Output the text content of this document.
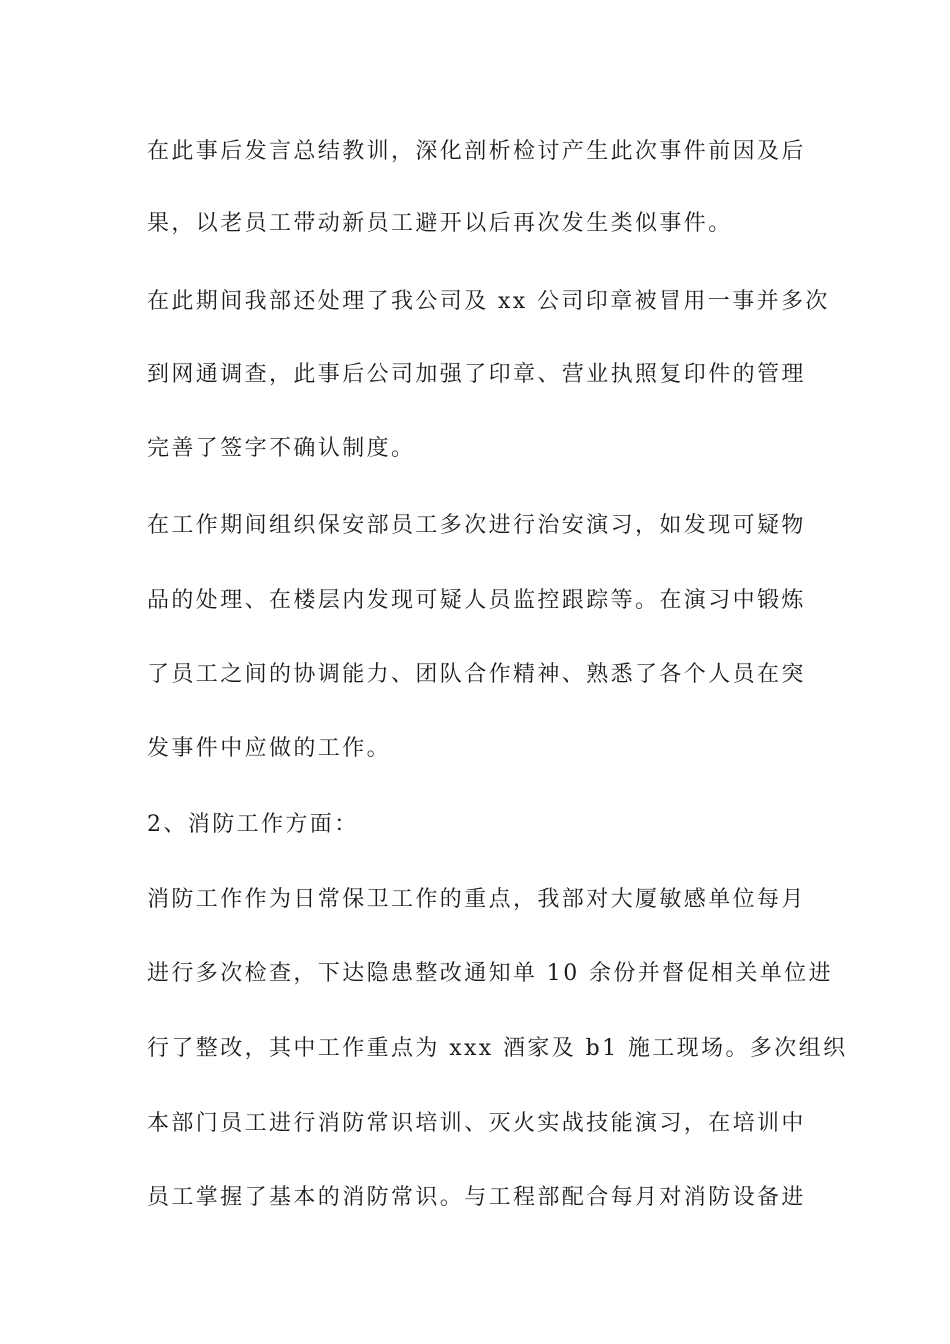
在此事后发言总结教训，深化剖析检讨产生此次事件前因及后
果，以老员工带动新员工避开以后再次发生类似事件。
在此期间我部还处理了我公司及 xx 公司印章被冒用一事并多次
到网通调查，此事后公司加强了印章、营业执照复印件的管理
完善了签字不确认制度。
在工作期间组织保安部员工多次进行治安演习，如发现可疑物
品的处理、在楼层内发现可疑人员监控跟踪等。在演习中锻炼
了员工之间的协调能力、团队合作精神、熟悉了各个人员在突
发事件中应做的工作。
2、消防工作方面：
消防工作作为日常保卫工作的重点，我部对大厦敏感单位每月
进行多次检查，下达隐患整改通知单 10 余份并督促相关单位进
行了整改，其中工作重点为 xxx 酒家及 b1 施工现场。多次组织
本部门员工进行消防常识培训、灭火实战技能演习，在培训中
员工掌握了基本的消防常识。与工程部配合每月对消防设备进
